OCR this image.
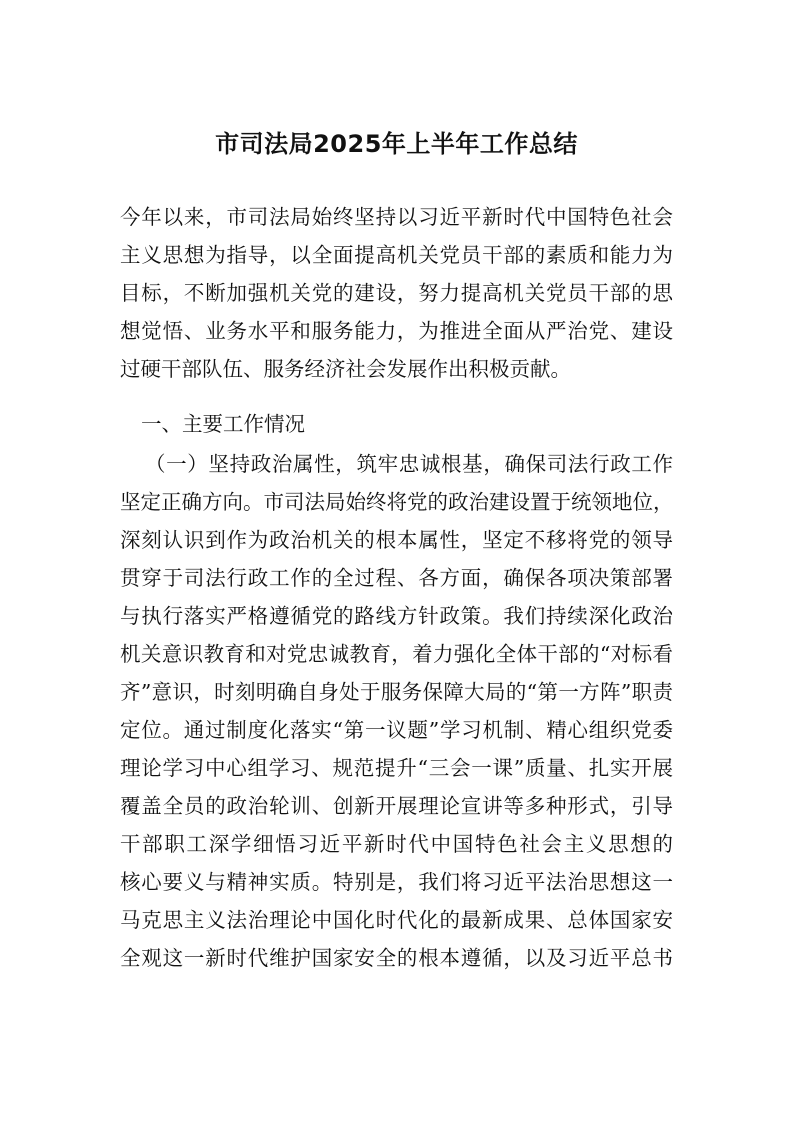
市司法局2025年上半年工作总结
今年以来，市司法局始终坚持以习近平新时代中国特色社会
主义思想为指导，以全面提高机关党员干部的素质和能力为
目标，不断加强机关党的建设，努力提高机关党员干部的思
想觉悟、业务水平和服务能力，为推进全面从严治党、建设
过硬干部队伍、服务经济社会发展作出积极贡献。
一、主要工作情况
（一）坚持政治属性，筑牢忠诚根基，确保司法行政工作
坚定正确方向。市司法局始终将党的政治建设置于统领地位，
深刻认识到作为政治机关的根本属性，坚定不移将党的领导
贯穿于司法行政工作的全过程、各方面，确保各项决策部署
与执行落实严格遵循党的路线方针政策。我们持续深化政治
机关意识教育和对党忠诚教育，着力强化全体干部的“对标看
齐”意识，时刻明确自身处于服务保障大局的“第一方阵”职责
定位。通过制度化落实“第一议题”学习机制、精心组织党委
理论学习中心组学习、规范提升“三会一课”质量、扎实开展
覆盖全员的政治轮训、创新开展理论宣讲等多种形式，引导
干部职工深学细悟习近平新时代中国特色社会主义思想的
核心要义与精神实质。特别是，我们将习近平法治思想这一
马克思主义法治理论中国化时代化的最新成果、总体国家安
全观这一新时代维护国家安全的根本遵循，以及习近平总书
